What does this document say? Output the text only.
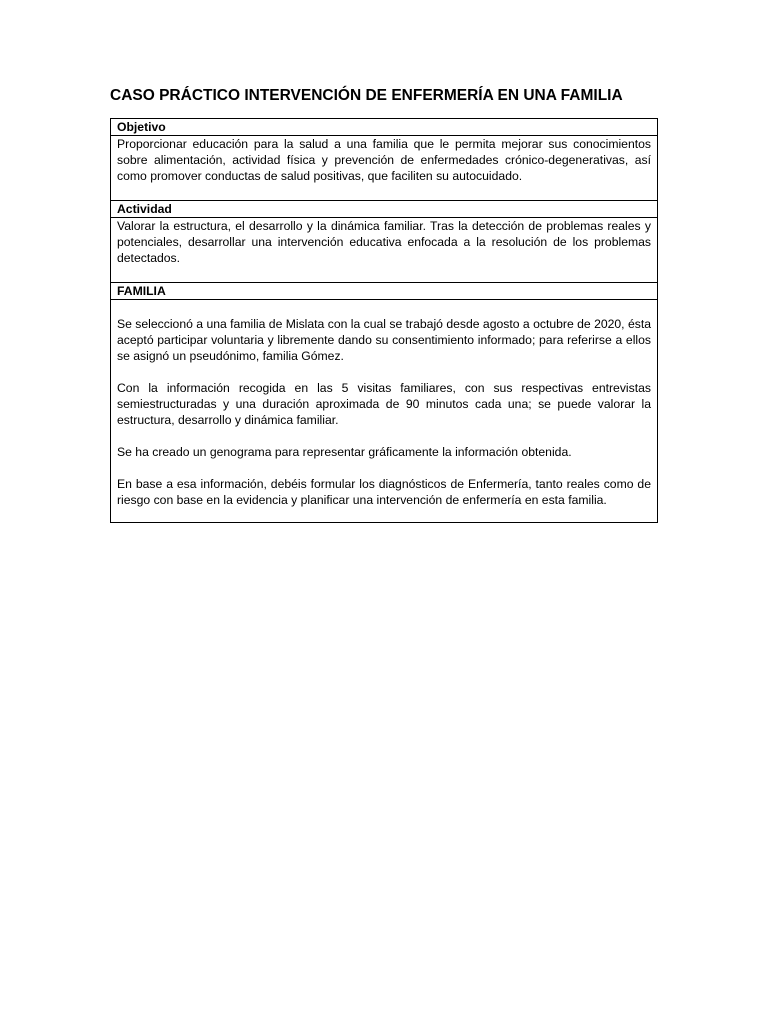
CASO PRÁCTICO INTERVENCIÓN DE ENFERMERÍA EN UNA FAMILIA
Objetivo
Proporcionar educación para la salud a una familia que le permita mejorar sus conocimientos sobre alimentación, actividad física y prevención de enfermedades crónico-degenerativas, así como promover conductas de salud positivas, que faciliten su autocuidado.
Actividad
Valorar la estructura, el desarrollo y la dinámica familiar. Tras la detección de problemas reales y potenciales, desarrollar una intervención educativa enfocada a la resolución de los problemas detectados.
FAMILIA

Se seleccionó a una familia de Mislata con la cual se trabajó desde agosto a octubre de 2020, ésta aceptó participar voluntaria y libremente dando su consentimiento informado; para referirse a ellos se asignó un pseudónimo, familia Gómez.

Con la información recogida en las 5 visitas familiares, con sus respectivas entrevistas semiestructuradas y una duración aproximada de 90 minutos cada una; se puede valorar la estructura, desarrollo y dinámica familiar.

Se ha creado un genograma para representar gráficamente la información obtenida.

En base a esa información, debéis formular los diagnósticos de Enfermería, tanto reales como de riesgo con base en la evidencia y planificar una intervención de enfermería en esta familia.
